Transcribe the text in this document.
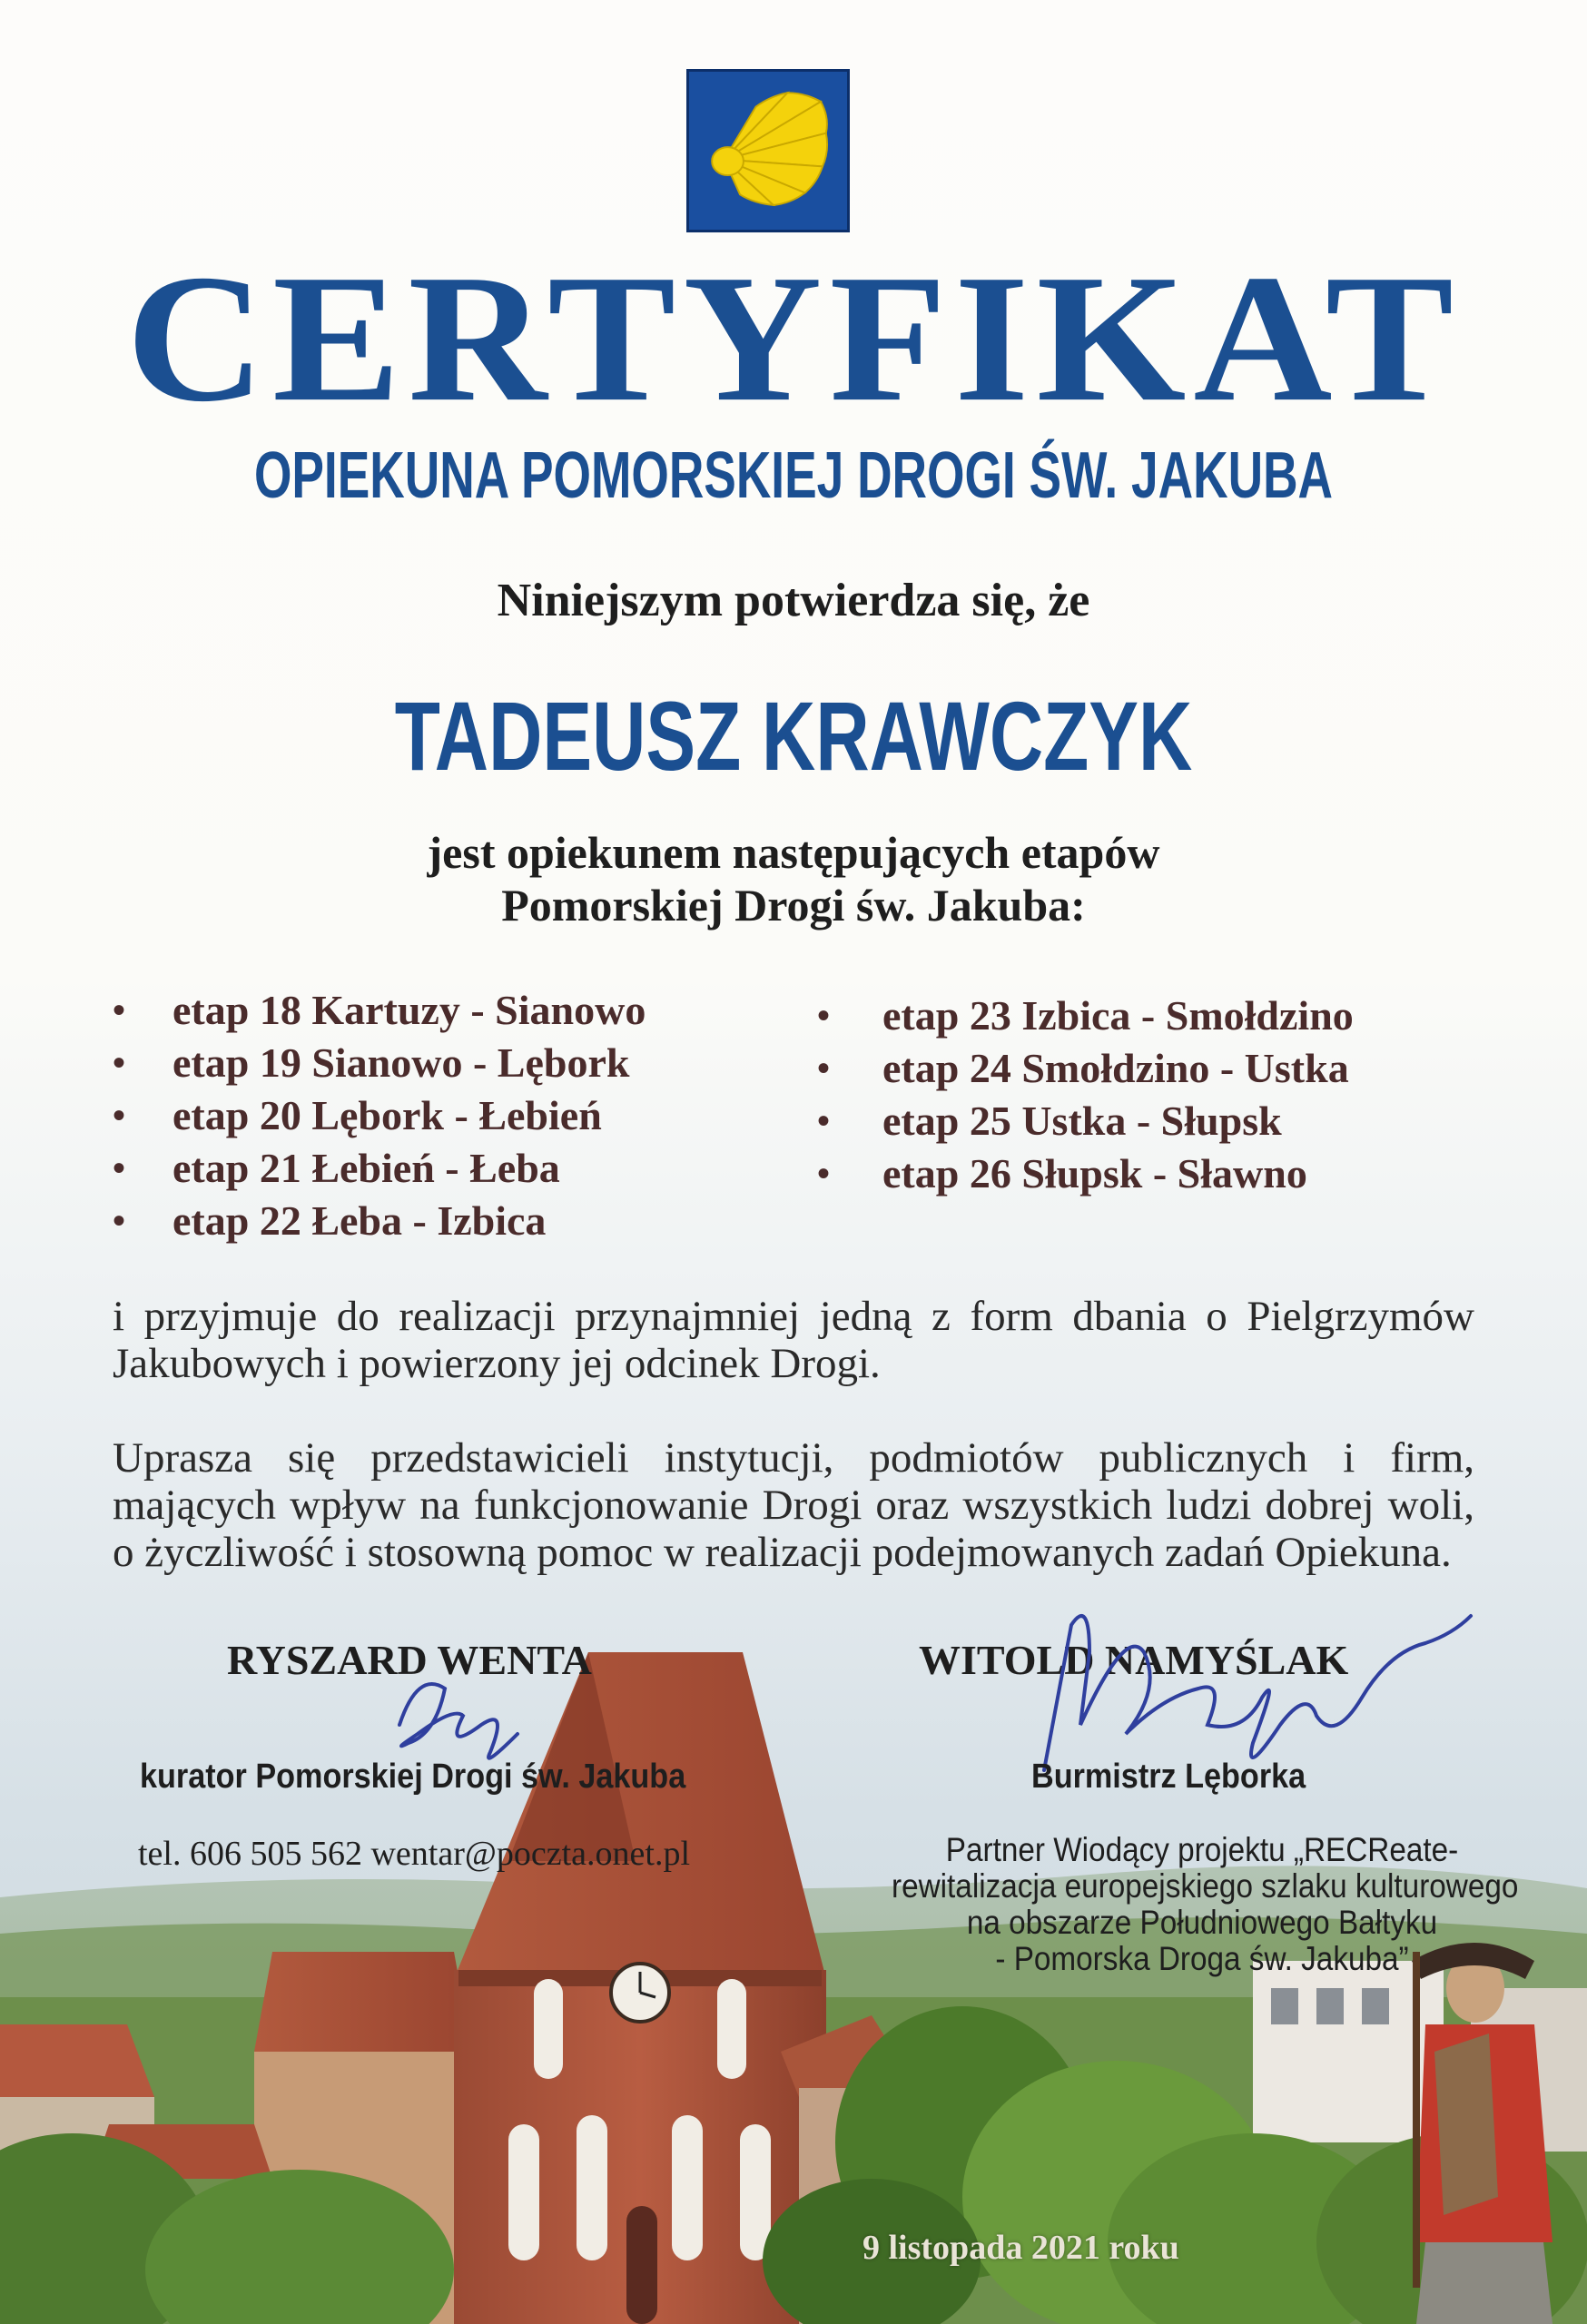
CERTYFIKAT
OPIEKUNA POMORSKIEJ DROGI ŚW. JAKUBA
Niniejszym potwierdza się, że
TADEUSZ KRAWCZYK
jest opiekunem następujących etapów
Pomorskiej Drogi św. Jakuba:
• etap 18 Kartuzy - Sianowo
• etap 19 Sianowo - Lębork
• etap 20 Lębork - Łebień
• etap 21 Łebień - Łeba
• etap 22 Łeba - Izbica
• etap 23 Izbica - Smołdzino
• etap 24 Smołdzino - Ustka
• etap 25 Ustka - Słupsk
• etap 26 Słupsk - Sławno
i przyjmuje do realizacji przynajmniej jedną z form dbania o Pielgrzymów Jakubowych i powierzony jej odcinek Drogi.
Uprasza się przedstawicieli instytucji, podmiotów publicznych i firm, mających wpływ na funkcjonowanie Drogi oraz wszystkich ludzi dobrej woli, o życzliwość i stosowną pomoc w realizacji podejmowanych zadań Opiekuna.
RYSZARD WENTA	WITOLD NAMYŚLAK
kurator Pomorskiej Drogi św. Jakuba	Burmistrz Lęborka
tel. 606 505 562 wentar@poczta.onet.pl	Partner Wiodący projektu „RECReate-
rewitalizacja europejskiego szlaku kulturowego
na obszarze Południowego Bałtyku
- Pomorska Droga św. Jakuba”
9 listopada 2021 roku
